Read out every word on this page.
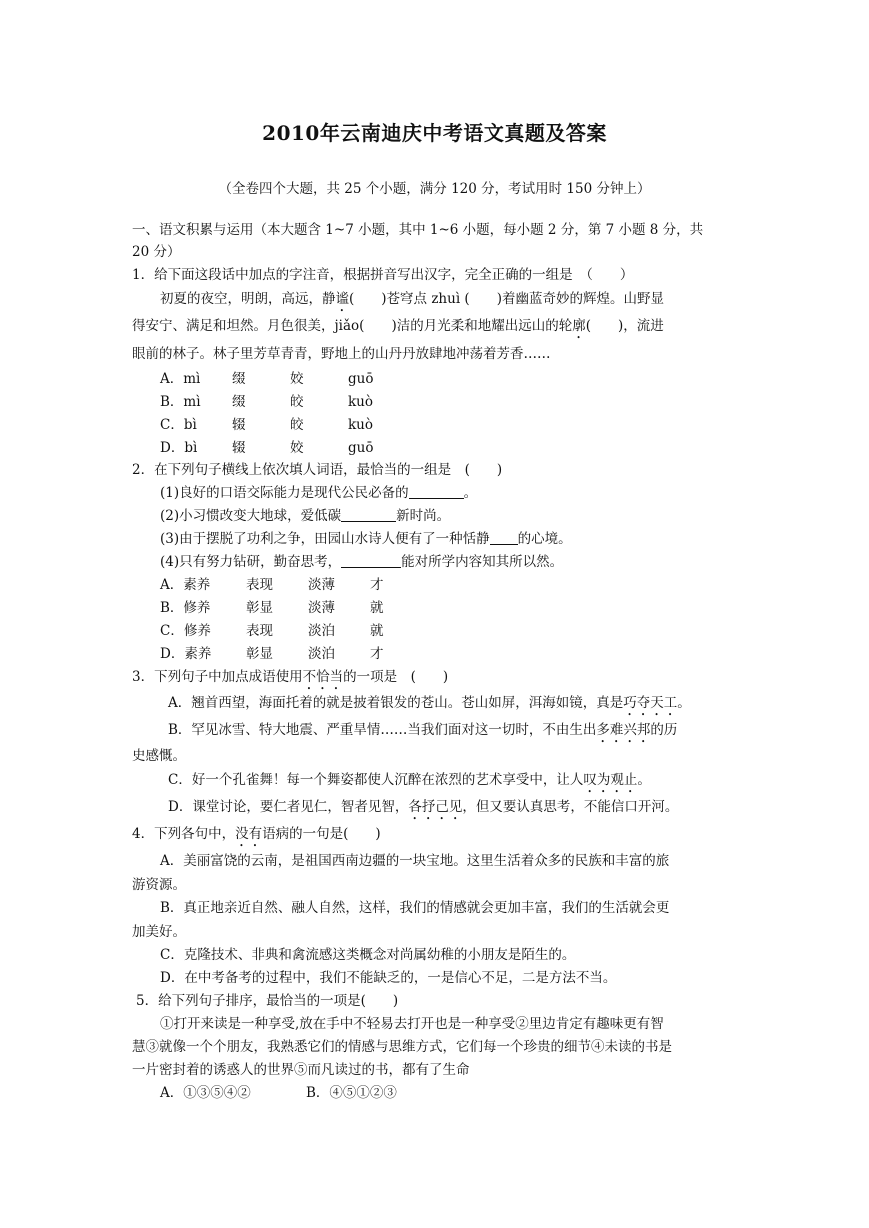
2010年云南迪庆中考语文真题及答案
（全卷四个大题，共 25 个小题，满分 120 分，考试用时 150 分钟上）
一、语文积累与运用（本大题含 1~7 小题，其中 1~6 小题，每小题 2 分，第 7 小题 8 分，共
20 分）
1．给下面这段话中加点的字注音，根据拼音写出汉字，完全正确的一组是　（　　）
初夏的夜空，明朗，高远，静谧(　　)苍穹点 zhuì (　　)着幽蓝奇妙的辉煌。山野显
得安宁、满足和坦然。月色很美，jiǎo(　　)洁的月光柔和地耀出远山的轮廓(　　)，流进
眼前的林子。林子里芳草青青，野地上的山丹丹放肆地冲荡着芳香……
A．mì 缀	姣	guō
B．mì 缀	皎	kuò
C．bì	辍	皎	kuò
D．bì	辍	姣	guō
2．在下列句子横线上依次填人词语，最恰当的一组是　(　　)
(1)良好的口语交际能力是现代公民必备的	。
(2)小习惯改变大地球，爱低碳	新时尚。
(3)由于摆脱了功利之争，田园山水诗人便有了一种恬静 的心境。
(4)只有努力钻研，勤奋思考，	能对所学内容知其所以然。
A．素养	表现	淡薄	才
B．修养	彰显	淡薄	就
C．修养	表现	淡泊	就
D．素养	彰显	淡泊	才
3．下列句子中加点成语使用不恰当的一项是　(　　)
A．翘首西望，海面托着的就是披着银发的苍山。苍山如屏，洱海如镜，真是巧夺天工。
B．罕见冰雪、特大地震、严重旱情……当我们面对这一切时，不由生出多难兴邦的历
史感慨。
C．好一个孔雀舞！每一个舞姿都使人沉醉在浓烈的艺术享受中，让人叹为观止。
D．课堂讨论，要仁者见仁，智者见智，各抒己见，但又要认真思考，不能信口开河。
4．下列各句中，没有语病的一句是(　　)
A．美丽富饶的云南，是祖国西南边疆的一块宝地。这里生活着众多的民族和丰富的旅
游资源。
B．真正地亲近自然、融人自然，这样，我们的情感就会更加丰富，我们的生活就会更
加美好。
C．克隆技术、非典和禽流感这类概念对尚属幼稚的小朋友是陌生的。
D．在中考备考的过程中，我们不能缺乏的，一是信心不足，二是方法不当。
5．给下列句子排序，最恰当的一项是(　　)
①打开来读是一种享受,放在手中不轻易去打开也是一种享受②里边肯定有趣味更有智
慧③就像一个个朋友，我熟悉它们的情感与思维方式，它们每一个珍贵的细节④未读的书是
一片密封着的诱惑人的世界⑤而凡读过的书，都有了生命
A．①③⑤④②	B．④⑤①②③
